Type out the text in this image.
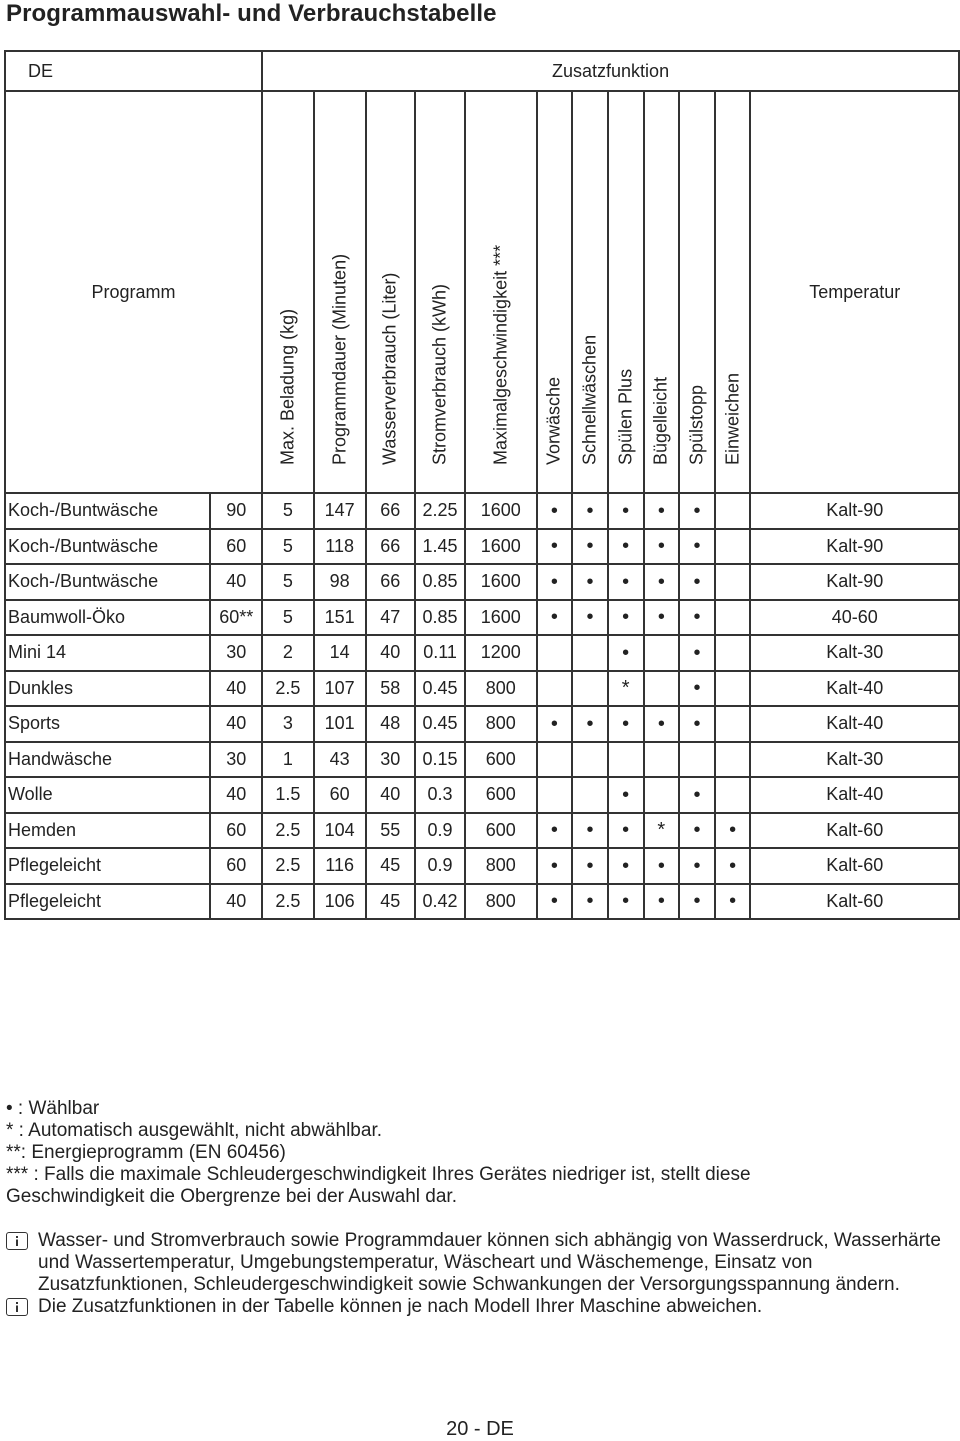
Programmauswahl- und Verbrauchstabelle
DE		Zusatzfunktion											
Programm		Max. Beladung (kg)	Programmdauer (Minuten)	Wasserverbrauch (Liter)	Stromverbrauch (kWh)	Maximalgeschwindigkeit ***	Vorwäsche	Schnellwäschen	Spülen Plus	Bügelleicht	Spülstopp	Einweichen	Temperatur
Koch-/Buntwäsche	90	5	147	66	2.25	1600	•	•	•	•	•		Kalt-90
Koch-/Buntwäsche	60	5	118	66	1.45	1600	•	•	•	•	•		Kalt-90
Koch-/Buntwäsche	40	5	98	66	0.85	1600	•	•	•	•	•		Kalt-90
Baumwoll-Öko	60**	5	151	47	0.85	1600	•	•	•	•	•		40-60
Mini 14	30	2	14	40	0.11	1200			•		•		Kalt-30
Dunkles	40	2.5	107	58	0.45	800			*		•		Kalt-40
Sports	40	3	101	48	0.45	800	•	•	•	•	•		Kalt-40
Handwäsche	30	1	43	30	0.15	600							Kalt-30
Wolle	40	1.5	60	40	0.3	600			•		•		Kalt-40
Hemden	60	2.5	104	55	0.9	600	•	•	•	*	•	•	Kalt-60
Pflegeleicht	60	2.5	116	45	0.9	800	•	•	•	•	•	•	Kalt-60
Pflegeleicht	40	2.5	106	45	0.42	800	•	•	•	•	•	•	Kalt-60
• : Wählbar
* : Automatisch ausgewählt, nicht abwählbar.
**: Energieprogramm (EN 60456)
*** : Falls die maximale Schleudergeschwindigkeit Ihres Gerätes niedriger ist, stellt diese
Geschwindigkeit die Obergrenze bei der Auswahl dar.
Wasser- und Stromverbrauch sowie Programmdauer können sich abhängig von Wasserdruck, Wasserhärte und Wassertemperatur, Umgebungstemperatur, Wäscheart und Wäschemenge, Einsatz von Zusatzfunktionen, Schleudergeschwindigkeit sowie Schwankungen der Versorgungsspannung ändern.
Die Zusatzfunktionen in der Tabelle können je nach Modell Ihrer Maschine abweichen.
20 - DE
